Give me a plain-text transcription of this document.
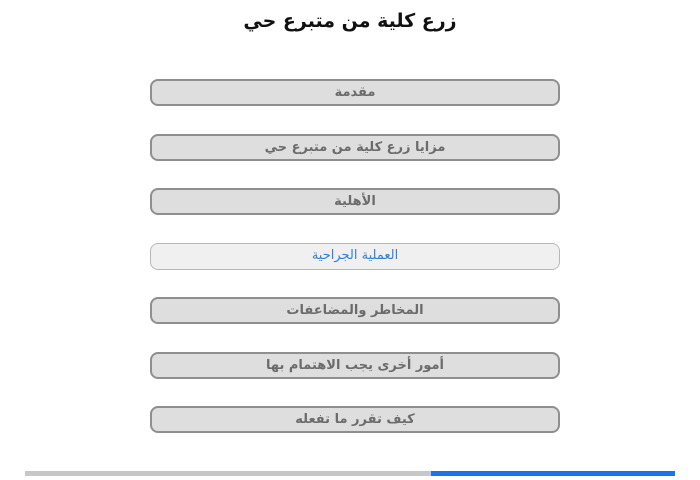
زرع كلية من متبرع حي
مقدمة
مزايا زرع كلية من متبرع حي
الأهلية
العملية الجراحية
المخاطر والمضاعفات
أمور أخرى يجب الاهتمام بها
كيف تقرر ما تفعله
